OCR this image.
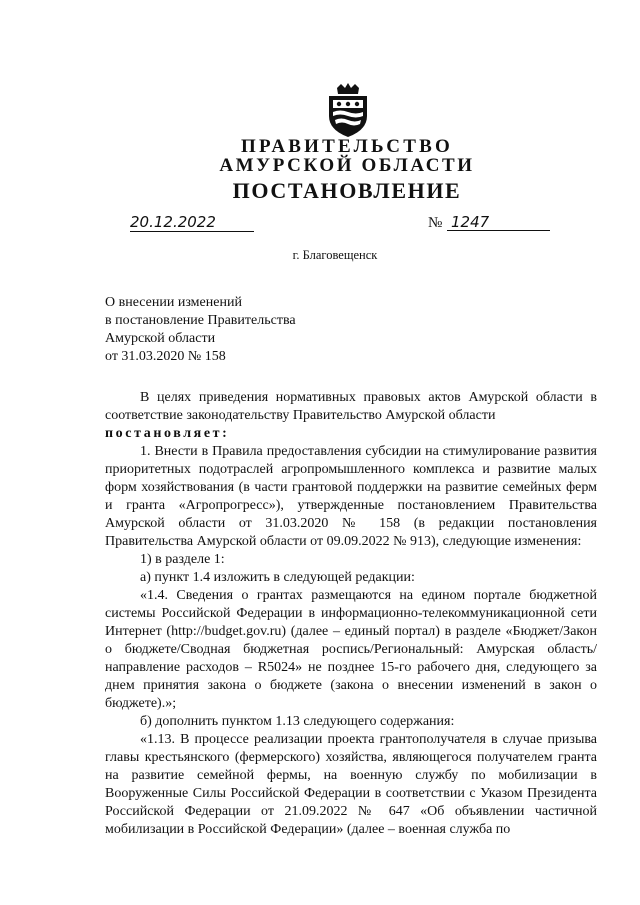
ПРАВИТЕЛЬСТВО
АМУРСКОЙ ОБЛАСТИ
ПОСТАНОВЛЕНИЕ
20.12.2022	№ 1247
г. Благовещенск
О внесении изменений
в постановление Правительства
Амурской области
от 31.03.2020 № 158

В целях приведения нормативных правовых актов Амурской области в соответствие законодательству Правительство Амурской области

постановляет:

1. Внести в Правила предоставления субсидии на стимулирование развития приоритетных подотраслей агропромышленного комплекса и развитие малых форм хозяйствования (в части грантовой поддержки на развитие семейных ферм и гранта «Агропрогресс»), утвержденные постановлением Правительства Амурской области от 31.03.2020 № 158 (в редакции постановления Правительства Амурской области от 09.09.2022 № 913), следующие изменения:

1) в разделе 1:

а) пункт 1.4 изложить в следующей редакции:

«1.4. Сведения о грантах размещаются на едином портале бюджетной системы Российской Федерации в информационно-телекоммуникационной сети Интернет (http://budget.gov.ru) (далее – единый портал) в разделе «Бюджет/Закон о бюджете/Сводная бюджетная роспись/Региональный: Амурская область/направление расходов – R5024» не позднее 15-го рабочего дня, следующего за днем принятия закона о бюджете (закона о внесении изменений в закон о бюджете).»;

б) дополнить пунктом 1.13 следующего содержания:

«1.13. В процессе реализации проекта грантополучателя в случае призыва главы крестьянского (фермерского) хозяйства, являющегося получателем гранта на развитие семейной фермы, на военную службу по мобилизации в Вооруженные Силы Российской Федерации в соответствии с Указом Президента Российской Федерации от 21.09.2022 № 647 «Об объявлении частичной мобилизации в Российской Федерации» (далее – военная служба по
